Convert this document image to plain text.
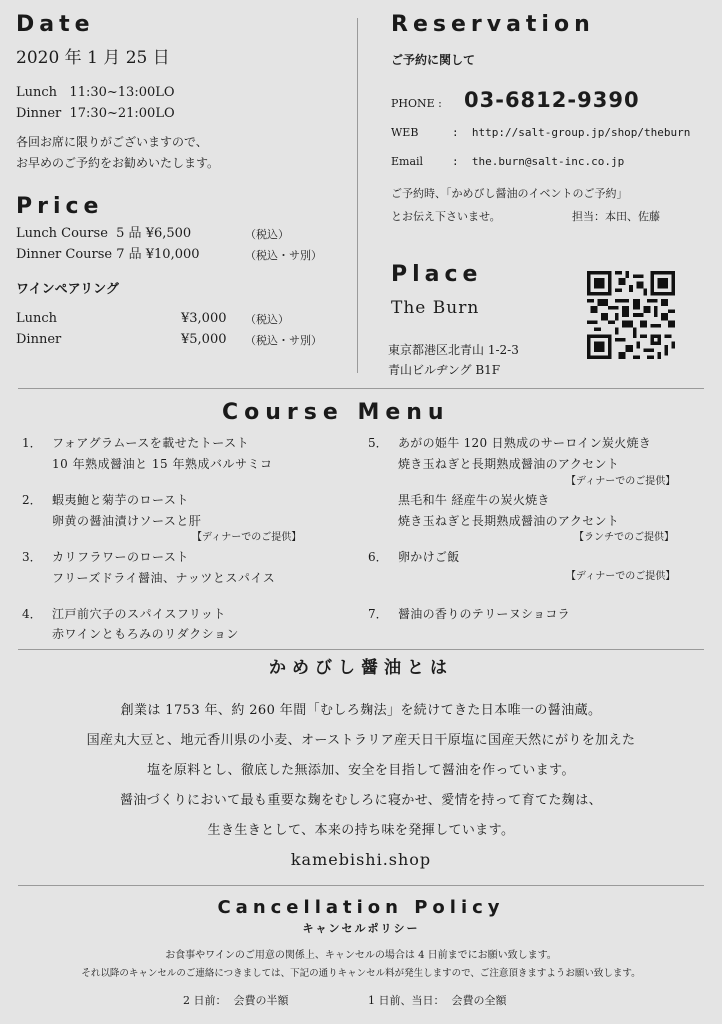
Date
2020 年 1 月 25 日
Lunch   11:30~13:00LO
Dinner  17:30~21:00LO
各回お席に限りがございますので、
お早めのご予約をお勧めいたします。
Price
Lunch Course  5 品 ¥6,500	（税込）
Dinner Course 7 品 ¥10,000	（税込・サ別）
ワインペアリング
Lunch	¥3,000 （税込）
Dinner	¥5,000 （税込・サ別）
Reservation
ご予約に関して
PHONE : 03-6812-9390
WEB	:  http://salt-group.jp/shop/theburn
Email	:  the.burn@salt-inc.co.jp
ご予約時、「かめびし醤油のイベントのご予約」
とお伝え下さいませ。	担当：本田、佐藤
Place
The Burn
東京都港区北青山 1-2-3
青山ビルヂング B1F
Course Menu
1． フォアグラムースを載せたトースト
10 年熟成醤油と 15 年熟成バルサミコ
2． 蝦夷鮑と菊芋のロースト
卵黄の醤油漬けソースと肝
【ディナーでのご提供】
3． カリフラワーのロースト
フリーズドライ醤油、ナッツとスパイス
4． 江戸前穴子のスパイスフリット
赤ワインともろみのリダクション
5． あがの姫牛 120 日熟成のサーロイン炭火焼き
焼き玉ねぎと長期熟成醤油のアクセント
【ディナーでのご提供】
黒毛和牛 経産牛の炭火焼き
焼き玉ねぎと長期熟成醤油のアクセント
【ランチでのご提供】
6． 卵かけご飯
【ディナーでのご提供】
7． 醤油の香りのテリーヌショコラ
かめびし醤油とは

創業は 1753 年、約 260 年間「むしろ麹法」を続けてきた日本唯一の醤油蔵。

国産丸大豆と、地元香川県の小麦、オーストラリア産天日干原塩に国産天然にがりを加えた

塩を原料とし、徹底した無添加、安全を目指して醤油を作っています。

醤油づくりにおいて最も重要な麹をむしろに寝かせ、愛情を持って育てた麹は、

生き生きとして、本来の持ち味を発揮しています。

kamebishi.shop
Cancellation Policy
キャンセルポリシー
お食事やワインのご用意の関係上、キャンセルの場合は 4 日前までにお願い致します。
それ以降のキャンセルのご連絡につきましては、下記の通りキャンセル料が発生しますので、ご注意頂きますようお願い致します。
2 日前：  会費の半額	1 日前、当日：  会費の全額
